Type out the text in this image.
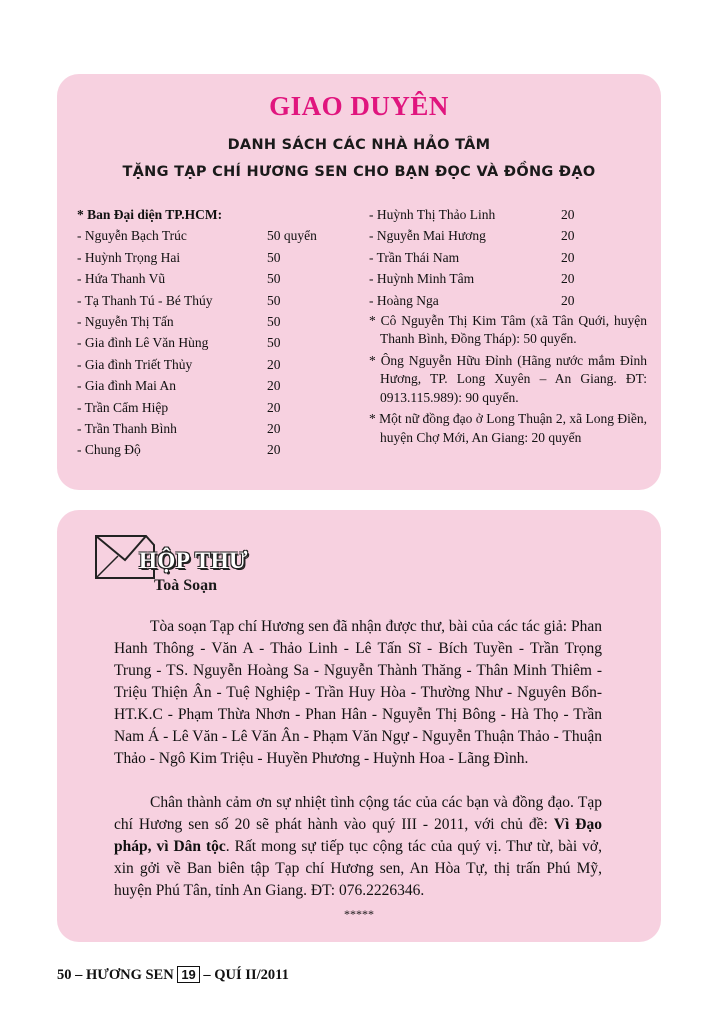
GIAO DUYÊN
DANH SÁCH CÁC NHÀ HẢO TÂM
TẶNG TẠP CHÍ HƯƠNG SEN CHO BẠN ĐỌC VÀ ĐỒNG ĐẠO
* Ban Đại diện TP.HCM:
- Nguyễn Bạch Trúc	50 quyển
- Huỳnh Trọng Hai	50
- Hứa Thanh Vũ	50
- Tạ Thanh Tú - Bé Thúy	50
- Nguyễn Thị Tấn	50
- Gia đình Lê Văn Hùng	50
- Gia đình Triết Thủy	20
- Gia đình Mai An	20
- Trần Cẩm Hiệp	20
- Trần Thanh Bình	20
- Chung Độ	20
- Huỳnh Thị Thảo Linh	20
- Nguyễn Mai Hương	20
- Trần Thái Nam	20
- Huỳnh Minh Tâm	20
- Hoàng Nga	20
* Cô Nguyễn Thị Kim Tâm (xã Tân Quới, huyện Thanh Bình, Đồng Tháp): 50 quyển.
* Ông Nguyễn Hữu Đỉnh (Hãng nước mắm Đỉnh Hương, TP. Long Xuyên – An Giang. ĐT: 0913.115.989): 90 quyển.
* Một nữ đồng đạo ở Long Thuận 2, xã Long Điền, huyện Chợ Mới, An Giang: 20 quyển
HỘP THƯ
Toà Soạn
Tòa soạn Tạp chí Hương sen đã nhận được thư, bài của các tác giả: Phan Hanh Thông - Văn A - Thảo Linh - Lê Tấn Sĩ - Bích Tuyền - Trần Trọng Trung - TS. Nguyễn Hoàng Sa - Nguyễn Thành Thăng - Thân Minh Thiêm - Triệu Thiện Ân - Tuệ Nghiệp - Trần Huy Hòa - Thường Như - Nguyên Bổn- HT.K.C - Phạm Thừa Nhơn - Phan Hân - Nguyễn Thị Bông - Hà Thọ - Trần Nam Á - Lê Văn - Lê Văn Ân - Phạm Văn Ngự - Nguyễn Thuận Thảo - Thuận Thảo - Ngô Kim Triệu - Huyền Phương - Huỳnh Hoa - Lãng Đình.
Chân thành cảm ơn sự nhiệt tình cộng tác của các bạn và đồng đạo. Tạp chí Hương sen số 20 sẽ phát hành vào quý III - 2011, với chủ đề: Vì Đạo pháp, vì Dân tộc. Rất mong sự tiếp tục cộng tác của quý vị. Thư từ, bài vở, xin gởi về Ban biên tập Tạp chí Hương sen, An Hòa Tự, thị trấn Phú Mỹ, huyện Phú Tân, tỉnh An Giang. ĐT: 076.2226346.
*****
50 – HƯƠNG SEN 19 – QUÍ II/2011
